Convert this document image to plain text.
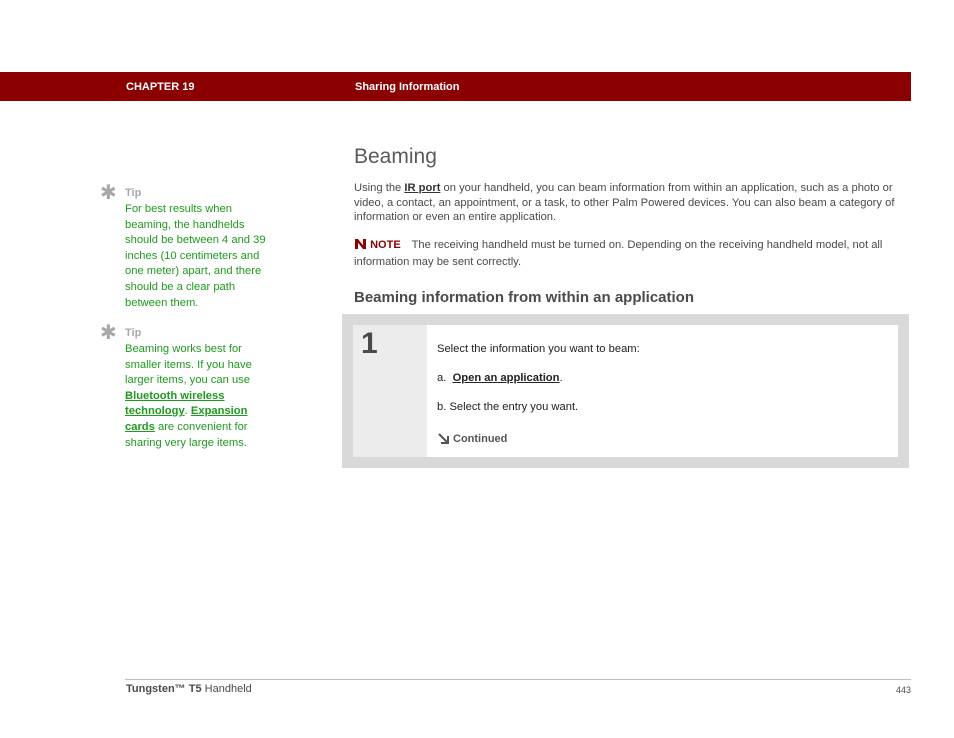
CHAPTER 19	Sharing Information
✱ Tip
For best results when beaming, the handhelds should be between 4 and 39 inches (10 centimeters and one meter) apart, and there should be a clear path between them.
✱ Tip
Beaming works best for smaller items. If you have larger items, you can use Bluetooth wireless technology. Expansion cards are convenient for sharing very large items.
Beaming
Using the IR port on your handheld, you can beam information from within an application, such as a photo or video, a contact, an appointment, or a task, to other Palm Powered devices. You can also beam a category of information or even an entire application.
NOTE The receiving handheld must be turned on. Depending on the receiving handheld model, not all information may be sent correctly.
Beaming information from within an application
1	Select the information you want to beam:
a. Open an application.
b. Select the entry you want.
Continued
Tungsten™ T5 Handheld	443
